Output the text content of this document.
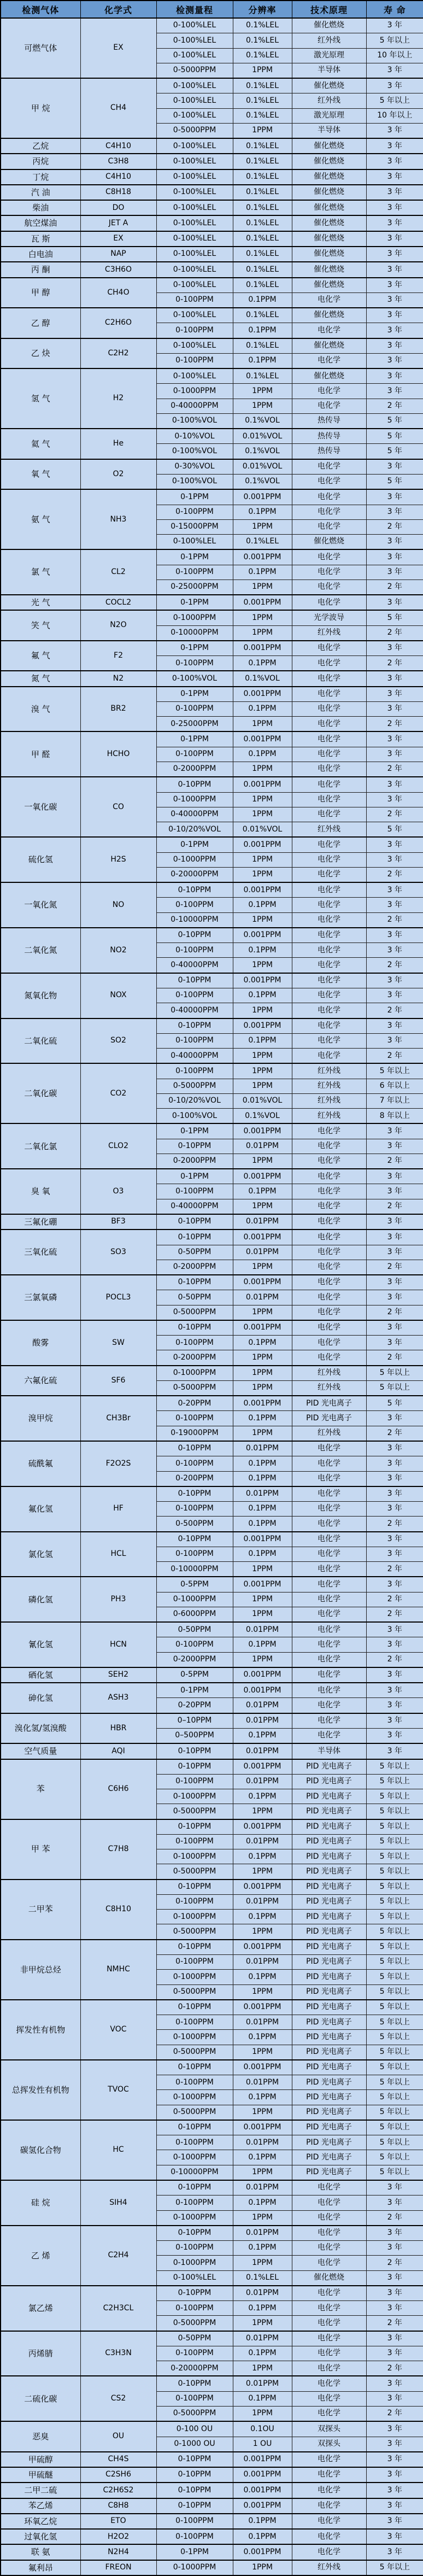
检测气体	化学式	检测量程	分辨率	技术原理	寿 命
可燃气体	EX	0-100%LEL	0.1%LEL	催化燃烧	3 年
		0-100%LEL	0.1%LEL	红外线	5 年以上
		0-100%LEL	0.1%LEL	激光原理	10 年以上
		0-5000PPM	1PPM	半导体	3 年
甲 烷	CH4	0-100%LEL	0.1%LEL	催化燃烧	3 年
		0-100%LEL	0.1%LEL	红外线	5 年以上
		0-100%LEL	0.1%LEL	激光原理	10 年以上
		0-5000PPM	1PPM	半导体	3 年
乙烷	C4H10	0-100%LEL	0.1%LEL	催化燃烧	3 年
丙烷	C3H8	0-100%LEL	0.1%LEL	催化燃烧	3 年
丁烷	C4H10	0-100%LEL	0.1%LEL	催化燃烧	3 年
汽 油	C8H18	0-100%LEL	0.1%LEL	催化燃烧	3 年
柴油	DO	0-100%LEL	0.1%LEL	催化燃烧	3 年
航空煤油	JET A	0-100%LEL	0.1%LEL	催化燃烧	3 年
瓦 斯	EX	0-100%LEL	0.1%LEL	催化燃烧	3 年
白电油	NAP	0-100%LEL	0.1%LEL	催化燃烧	3 年
丙 酮	C3H6O	0-100%LEL	0.1%LEL	催化燃烧	3 年
甲 醇	CH4O	0-100%LEL	0.1%LEL	催化燃烧	3 年
		0-100PPM	0.1PPM	电化学	3 年
乙 醇	C2H6O	0-100%LEL	0.1%LEL	催化燃烧	3 年
		0-100PPM	0.1PPM	电化学	3 年
乙 炔	C2H2	0-100%LEL	0.1%LEL	催化燃烧	3 年
		0-100PPM	0.1PPM	电化学	3 年
氢 气	H2	0-100%LEL	0.1%LEL	催化燃烧	3 年
		0-1000PPM	1PPM	电化学	3 年
		0-40000PPM	1PPM	电化学	2 年
		0-100%VOL	0.1%VOL	热传导	5 年
氦 气	He	0-10%VOL	0.01%VOL	热传导	5 年
		0-100%VOL	0.1%VOL	热传导	5 年
氧 气	O2	0-30%VOL	0.01%VOL	电化学	3 年
		0-100%VOL	0.1%VOL	电化学	5 年
氨 气	NH3	0-1PPM	0.001PPM	电化学	3 年
		0-100PPM	0.1PPM	电化学	3 年
		0-15000PPM	1PPM	电化学	2 年
		0-100%LEL	0.1%LEL	催化燃烧	3 年
氯 气	CL2	0-1PPM	0.001PPM	电化学	3 年
		0-100PPM	0.1PPM	电化学	3 年
		0-25000PPM	1PPM	电化学	2 年
光 气	COCL2	0-1PPM	0.001PPM	电化学	3 年
笑 气	N2O	0-1000PPM	1PPM	光学波导	5 年
		0-10000PPM	1PPM	红外线	2 年
氟 气	F2	0-1PPM	0.001PPM	电化学	3 年
		0-100PPM	0.1PPM	电化学	2 年
氮 气	N2	0-100%VOL	0.1%VOL	电化学	3 年
溴 气	BR2	0-1PPM	0.001PPM	电化学	3 年
		0-100PPM	0.1PPM	电化学	3 年
		0-25000PPM	1PPM	电化学	2 年
甲 醛	HCHO	0-1PPM	0.001PPM	电化学	3 年
		0-100PPM	0.1PPM	电化学	3 年
		0-2000PPM	1PPM	电化学	2 年
一氧化碳	CO	0-10PPM	0.001PPM	电化学	3 年
		0-1000PPM	1PPM	电化学	3 年
		0-40000PPM	1PPM	电化学	2 年
		0-10/20%VOL	0.01%VOL	红外线	5 年
硫化氢	H2S	0-1PPM	0.001PPM	电化学	3 年
		0-1000PPM	1PPM	电化学	3 年
		0-20000PPM	1PPM	电化学	2 年
一氧化氮	NO	0-10PPM	0.001PPM	电化学	3 年
		0-100PPM	0.1PPM	电化学	3 年
		0-10000PPM	1PPM	电化学	2 年
二氧化氮	NO2	0-10PPM	0.001PPM	电化学	3 年
		0-100PPM	0.1PPM	电化学	3 年
		0-40000PPM	1PPM	电化学	2 年
氮氧化物	NOX	0-10PPM	0.001PPM	电化学	3 年
		0-100PPM	0.1PPM	电化学	3 年
		0-40000PPM	1PPM	电化学	2 年
二氧化硫	SO2	0-10PPM	0.001PPM	电化学	3 年
		0-100PPM	0.1PPM	电化学	3 年
		0-40000PPM	1PPM	电化学	2 年
二氧化碳	CO2	0-100PPM	1PPM	红外线	5 年以上
		0-5000PPM	1PPM	红外线	6 年以上
		0-10/20%VOL	0.01%VOL	红外线	7 年以上
		0-100%VOL	0.1%VOL	红外线	8 年以上
二氧化氯	CLO2	0-1PPM	0.001PPM	电化学	3 年
		0-10PPM	0.01PPM	电化学	3 年
		0-2000PPM	1PPM	电化学	2 年
臭 氧	O3	0-1PPM	0.001PPM	电化学	3 年
		0-100PPM	0.1PPM	电化学	3 年
		0-40000PPM	1PPM	电化学	2 年
三氟化硼	BF3	0-10PPM	0.01PPM	电化学	3 年
三氧化硫	SO3	0-10PPM	0.001PPM	电化学	3 年
		0-50PPM	0.01PPM	电化学	3 年
		0-2000PPM	1PPM	电化学	2 年
三氯氧磷	POCL3	0-10PPM	0.001PPM	电化学	3 年
		0-50PPM	0.01PPM	电化学	3 年
		0-5000PPM	1PPM	电化学	2 年
酸雾	SW	0-10PPM	0.001PPM	电化学	3 年
		0-100PPM	0.1PPM	电化学	3 年
		0-2000PPM	1PPM	电化学	2 年
六氟化硫	SF6	0-1000PPM	1PPM	红外线	5 年以上
		0-5000PPM	1PPM	红外线	5 年以上
溴甲烷	CH3Br	0-20PPM	0.001PPM	PID 光电离子	5 年
		0-100PPM	0.1PPM	PID 光电离子	3 年
		0-19000PPM	1PPM	红外线	2 年
硫酰氟	F2O2S	0-10PPM	0.01PPM	电化学	3 年
		0-100PPM	0.1PPM	电化学	3 年
		0-200PPM	0.1PPM	电化学	3 年
氟化氢	HF	0-10PPM	0.01PPM	电化学	3 年
		0-100PPM	0.1PPM	电化学	3 年
		0-500PPM	0.1PPM	电化学	2 年
氯化氢	HCL	0-10PPM	0.001PPM	电化学	3 年
		0-100PPM	0.1PPM	电化学	3 年
		0-10000PPM	1PPM	电化学	2 年
磷化氢	PH3	0-5PPM	0.001PPM	电化学	3 年
		0-1000PPM	1PPM	电化学	2 年
		0-6000PPM	1PPM	电化学	2 年
氰化氢	HCN	0-50PPM	0.01PPM	电化学	3 年
		0-100PPM	0.1PPM	电化学	3 年
		0-2000PPM	1PPM	电化学	2 年
硒化氢	SEH2	0-5PPM	0.001PPM	电化学	3 年
砷化氢	ASH3	0-1PPM	0.001PPM	电化学	3 年
		0-20PPM	0.01PPM	电化学	3 年
溴化氢/氢溴酸	HBR	0–10PPM	0.01PPM	电化学	3 年
		0–500PPM	0.1PPM	电化学	3 年
空气质量	AQI	0-10PPM	0.01PPM	半导体	3 年
苯	C6H6	0-10PPM	0.001PPM	PID 光电离子	5 年以上
		0-100PPM	0.01PPM	PID 光电离子	5 年以上
		0-1000PPM	0.1PPM	PID 光电离子	5 年以上
		0-5000PPM	1PPM	PID 光电离子	5 年以上
甲 苯	C7H8	0-10PPM	0.001PPM	PID 光电离子	5 年以上
		0-100PPM	0.01PPM	PID 光电离子	5 年以上
		0-1000PPM	0.1PPM	PID 光电离子	5 年以上
		0-5000PPM	1PPM	PID 光电离子	5 年以上
二甲苯	C8H10	0-10PPM	0.001PPM	PID 光电离子	5 年以上
		0-100PPM	0.01PPM	PID 光电离子	5 年以上
		0-1000PPM	0.1PPM	PID 光电离子	5 年以上
		0-5000PPM	1PPM	PID 光电离子	5 年以上
非甲烷总烃	NMHC	0-10PPM	0.001PPM	PID 光电离子	5 年以上
		0-100PPM	0.01PPM	PID 光电离子	5 年以上
		0-1000PPM	0.1PPM	PID 光电离子	5 年以上
		0-5000PPM	1PPM	PID 光电离子	5 年以上
挥发性有机物	VOC	0-10PPM	0.001PPM	PID 光电离子	5 年以上
		0-100PPM	0.01PPM	PID 光电离子	5 年以上
		0-1000PPM	0.1PPM	PID 光电离子	5 年以上
		0-5000PPM	1PPM	PID 光电离子	5 年以上
总挥发性有机物	TVOC	0-10PPM	0.001PPM	PID 光电离子	5 年以上
		0-100PPM	0.01PPM	PID 光电离子	5 年以上
		0-1000PPM	0.1PPM	PID 光电离子	5 年以上
		0-5000PPM	1PPM	PID 光电离子	5 年以上
碳氢化合物	HC	0-10PPM	0.001PPM	PID 光电离子	5 年以上
		0-100PPM	0.01PPM	PID 光电离子	5 年以上
		0-1000PPM	0.1PPM	PID 光电离子	5 年以上
		0-10000PPM	1PPM	PID 光电离子	5 年以上
硅 烷	SIH4	0-10PPM	0.01PPM	电化学	3 年
		0-100PPM	0.1PPM	电化学	3 年
		0-1000PPM	1PPM	电化学	2 年
乙 烯	C2H4	0-10PPM	0.01PPM	电化学	3 年
		0-100PPM	0.1PPM	电化学	3 年
		0-1000PPM	1PPM	电化学	2 年
		0-100%LEL	0.1%LEL	催化燃烧	3 年
氯乙烯	C2H3CL	0-10PPM	0.01PPM	电化学	3 年
		0-100PPM	0.1PPM	电化学	3 年
		0-5000PPM	1PPM	电化学	2 年
丙烯腈	C3H3N	0-50PPM	0.01PPM	电化学	3 年
		0-100PPM	0.1PPM	电化学	3 年
		0-20000PPM	1PPM	电化学	2 年
二硫化碳	CS2	0-10PPM	0.01PPM	电化学	3 年
		0-100PPM	0.1PPM	电化学	3 年
		0-5000PPM	1PPM	电化学	2 年
恶臭	OU	0-100 OU	0.1OU	双探头	3 年
		0-1000 OU	1 OU	双探头	3 年
甲硫醇	CH4S	0-10PPM	0.001PPM	电化学	3 年
甲硫醚	C2SH6	0-10PPM	0.001PPM	电化学	3 年
二甲二硫	C2H6S2	0-10PPM	0.001PPM	电化学	3 年
苯乙烯	C8H8	0-10PPM	0.001PPM	电化学	3 年
环氧乙烷	ETO	0-100PPM	0.1PPM	电化学	3 年
过氧化氢	H2O2	0-100PPM	0.1PPM	电化学	3 年
联 氨	N2H4	0-1PPM	0.001PPM	电化学	3 年
氟利昂	FREON	0-1000PPM	1PPM	红外线	5 年以上
